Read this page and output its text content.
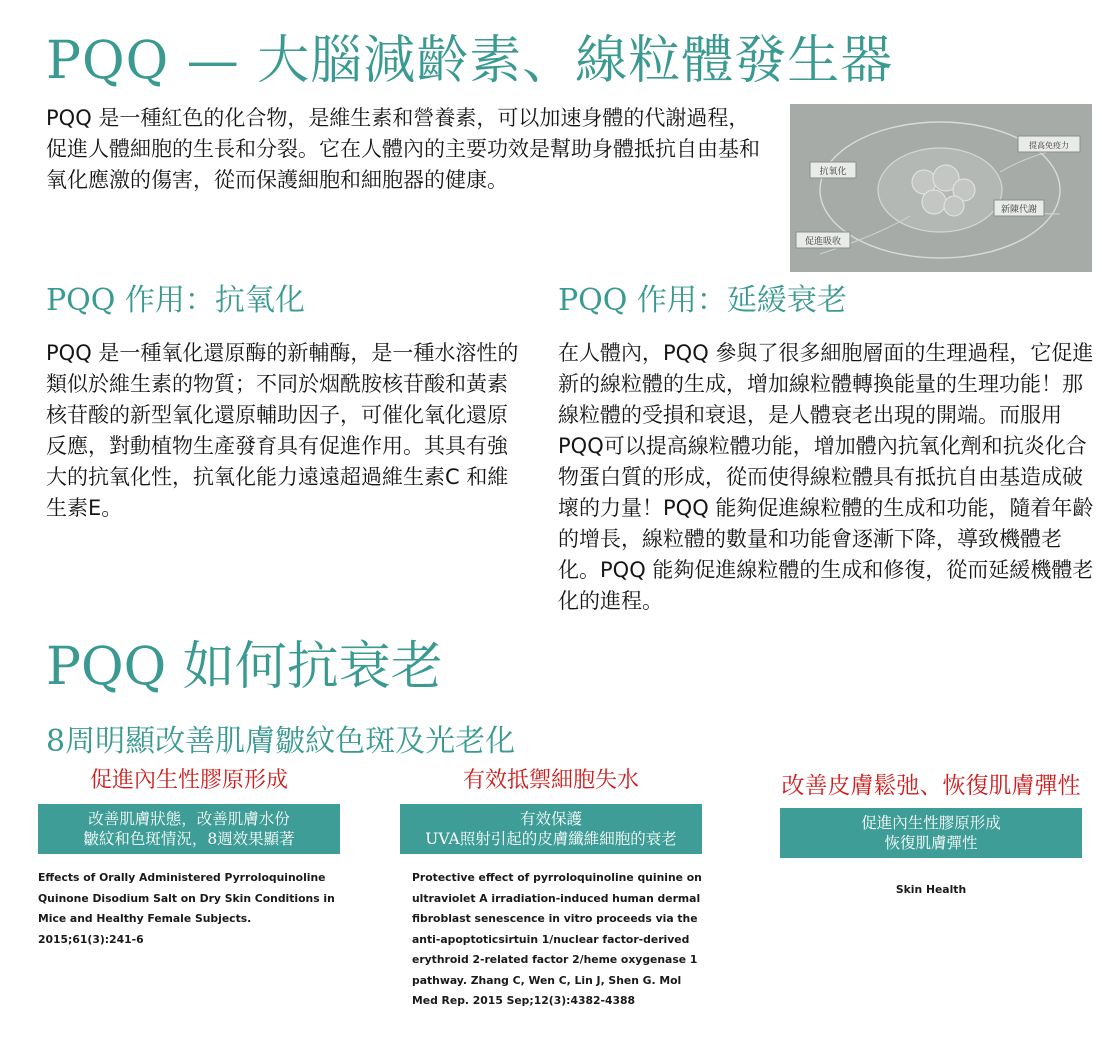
PQQ — 大腦減齡素、線粒體發生器

PQQ 是一種紅色的化合物，是維生素和營養素，可以加速身體的代謝過程，促進人體細胞的生長和分裂。它在人體內的主要功效是幫助身體抵抗自由基和氧化應激的傷害，從而保護細胞和細胞器的健康。	抗氧化
提高免疫力
新陳代謝
促進吸收
PQQ 作用：抗氧化	PQQ 作用：延緩衰老

PQQ 是一種氧化還原酶的新輔酶，是一種水溶性的類似於維生素的物質；不同於烟酰胺核苷酸和黃素核苷酸的新型氧化還原輔助因子，可催化氧化還原反應，對動植物生產發育具有促進作用。其具有強大的抗氧化性，抗氧化能力遠遠超過維生素C 和維生素E。

在人體內，PQQ 參與了很多細胞層面的生理過程，它促進新的線粒體的生成，增加線粒體轉換能量的生理功能！那線粒體的受損和衰退，是人體衰老出現的開端。而服用 PQQ可以提高線粒體功能，增加體內抗氧化劑和抗炎化合物蛋白質的形成，從而使得線粒體具有抵抗自由基造成破壞的力量！PQQ 能夠促進線粒體的生成和功能，隨着年齡的增長，線粒體的數量和功能會逐漸下降，導致機體老化。PQQ 能夠促進線粒體的生成和修復，從而延緩機體老化的進程。

PQQ 如何抗衰老
8周明顯改善肌膚皺紋色斑及光老化
促進內生性膠原形成
改善肌膚狀態，改善肌膚水份
皺紋和色斑情況，8週效果顯著

Effects of Orally Administered Pyrroloquinoline Quinone Disodium Salt on Dry Skin Conditions in Mice and Healthy Female Subjects. 2015;61(3):241-6

有效抵禦細胞失水
有效保護
UVA照射引起的皮膚纖維細胞的衰老

Protective effect of pyrroloquinoline quinine on ultraviolet A irradiation-induced human dermal fibroblast senescence in vitro proceeds via the anti-apoptoticsirtuin 1/nuclear factor-derived erythroid 2-related factor 2/heme oxygenase 1 pathway. Zhang C, Wen C, Lin J, Shen G. Mol Med Rep. 2015 Sep;12(3):4382-4388

改善皮膚鬆弛、恢復肌膚彈性
促進內生性膠原形成
恢復肌膚彈性

Skin Health
